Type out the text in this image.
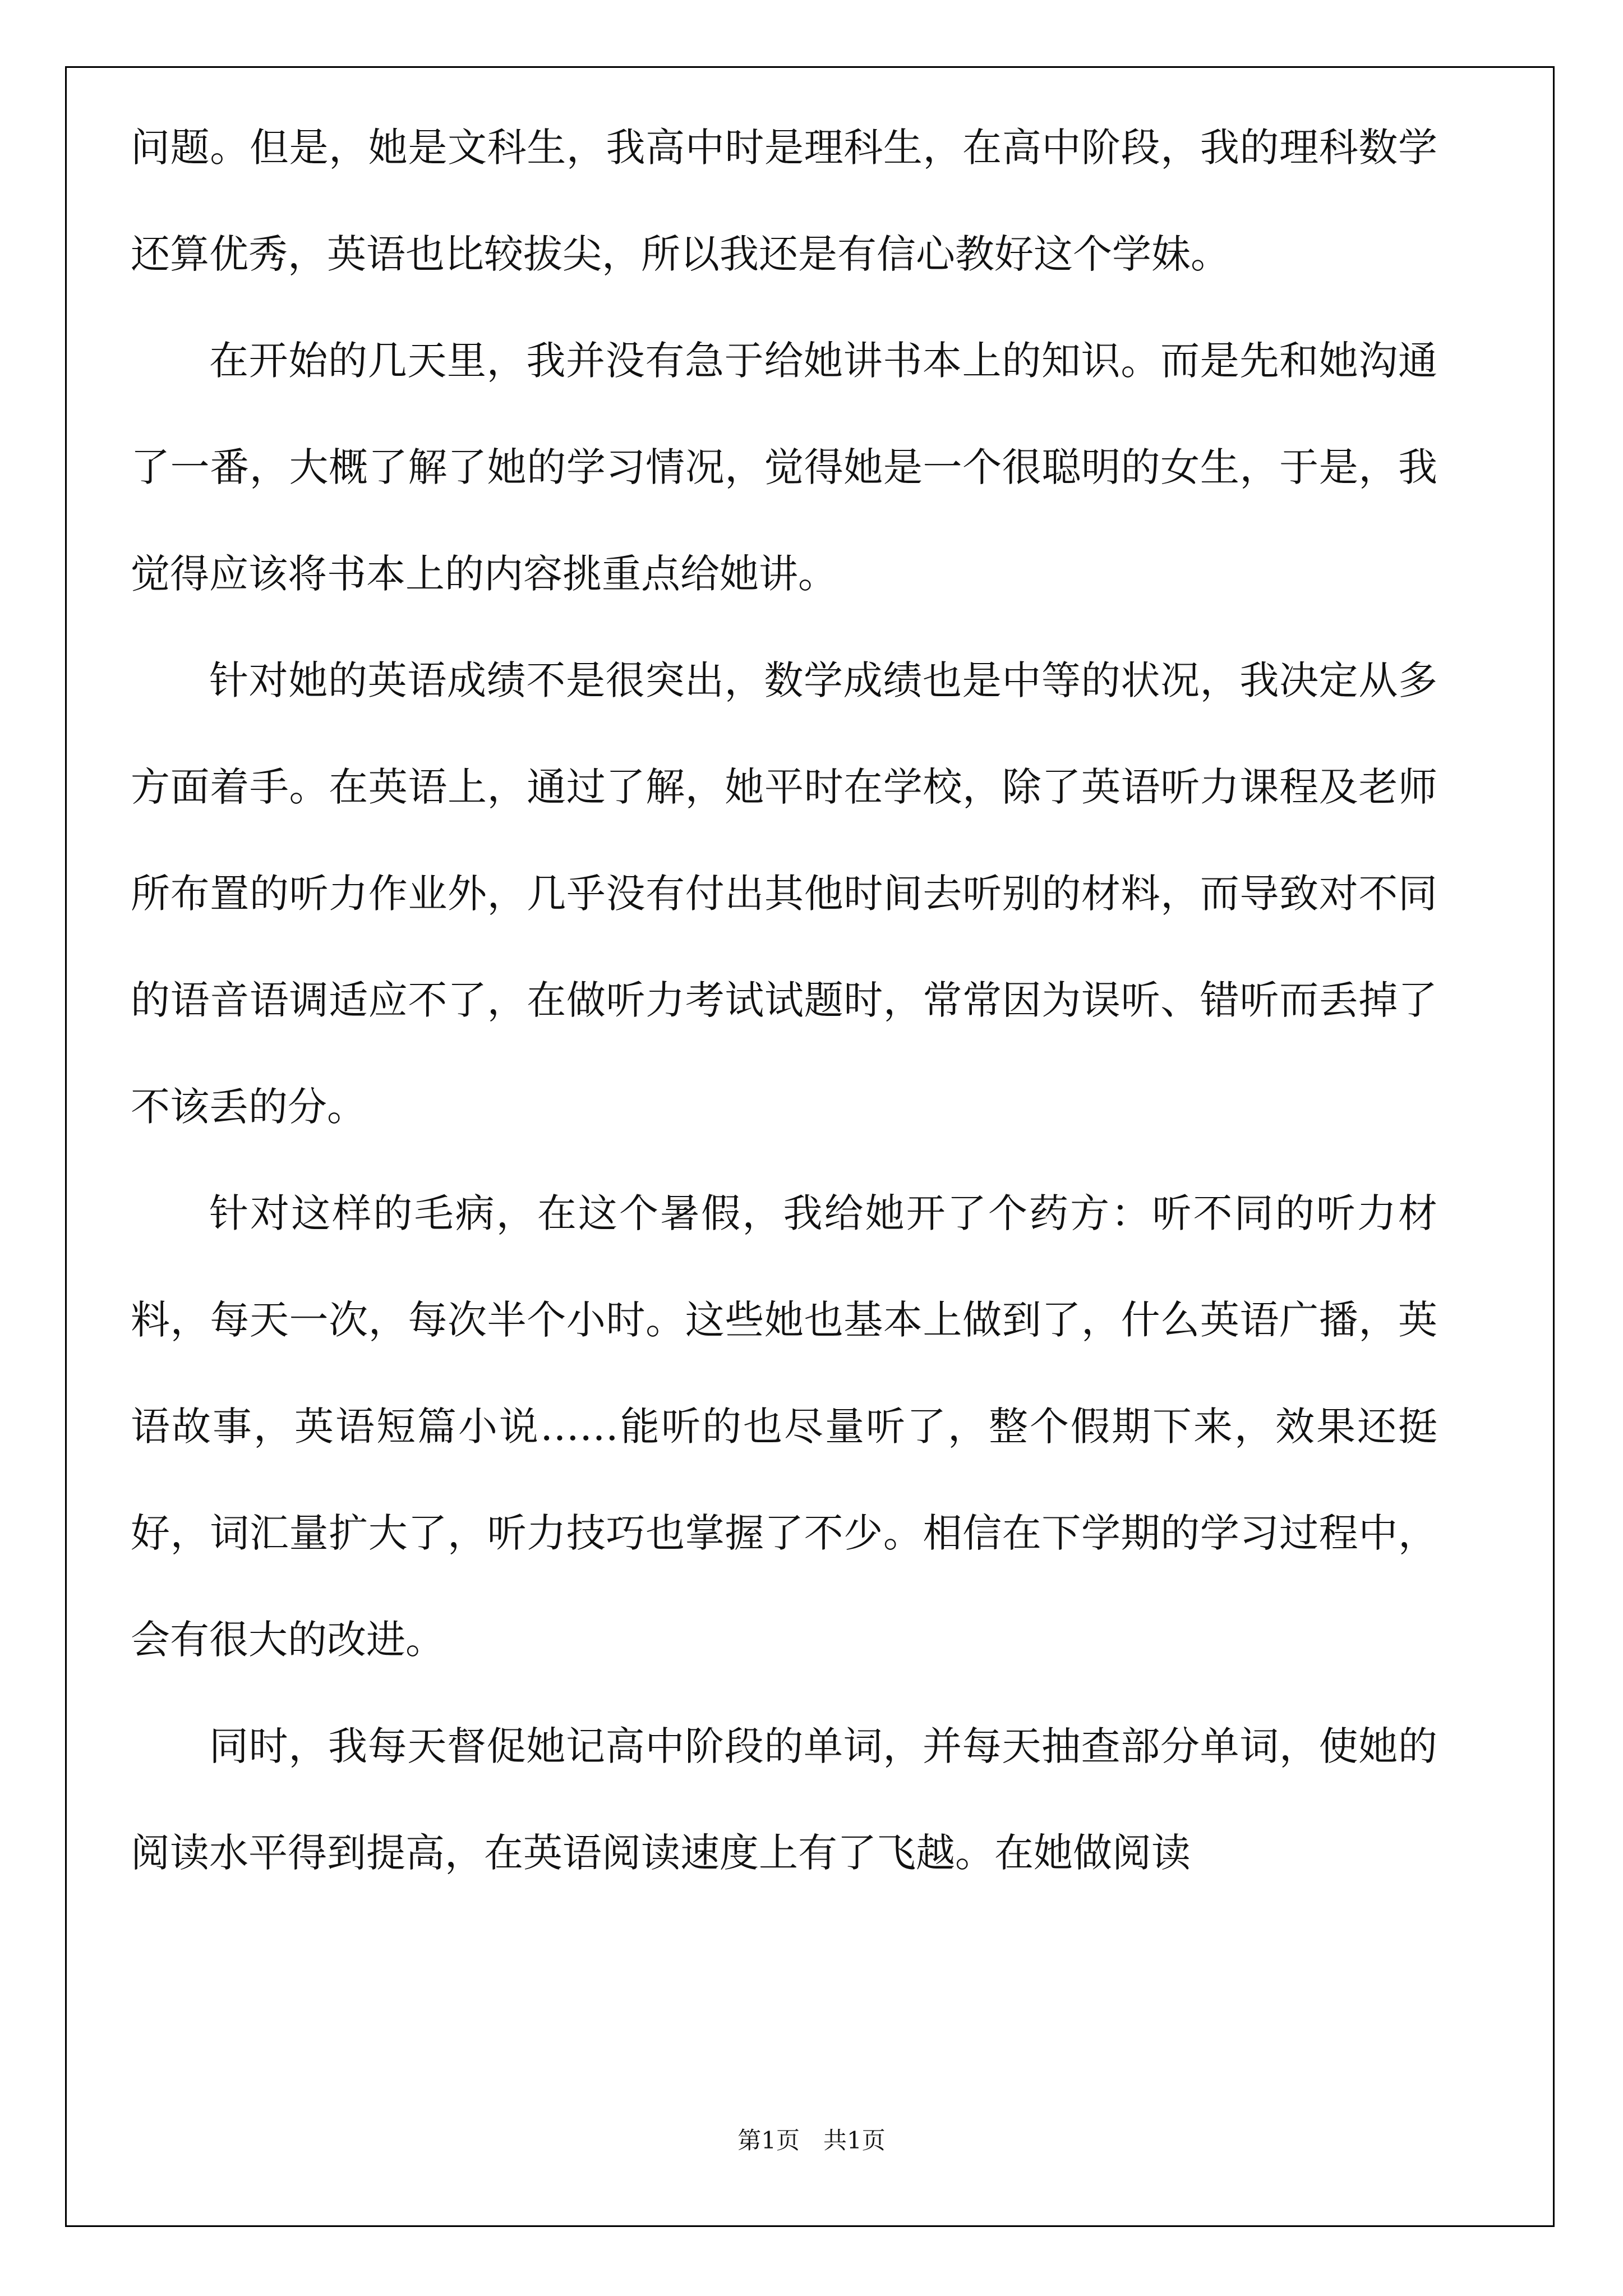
问题。但是，她是文科生，我高中时是理科生，在高中阶段，我的理科数学还算优秀，英语也比较拔尖，所以我还是有信心教好这个学妹。

在开始的几天里，我并没有急于给她讲书本上的知识。而是先和她沟通了一番，大概了解了她的学习情况，觉得她是一个很聪明的女生，于是，我觉得应该将书本上的内容挑重点给她讲。

针对她的英语成绩不是很突出，数学成绩也是中等的状况，我决定从多方面着手。在英语上，通过了解，她平时在学校，除了英语听力课程及老师所布置的听力作业外，几乎没有付出其他时间去听别的材料，而导致对不同的语音语调适应不了，在做听力考试试题时，常常因为误听、错听而丢掉了不该丢的分。

针对这样的毛病，在这个暑假，我给她开了个药方：听不同的听力材料，每天一次，每次半个小时。这些她也基本上做到了，什么英语广播，英语故事，英语短篇小说……能听的也尽量听了，整个假期下来，效果还挺好，词汇量扩大了，听力技巧也掌握了不少。相信在下学期的学习过程中，会有很大的改进。

同时，我每天督促她记高中阶段的单词，并每天抽查部分单词，使她的阅读水平得到提高，在英语阅读速度上有了飞越。在她做阅读

第1页　共1页
